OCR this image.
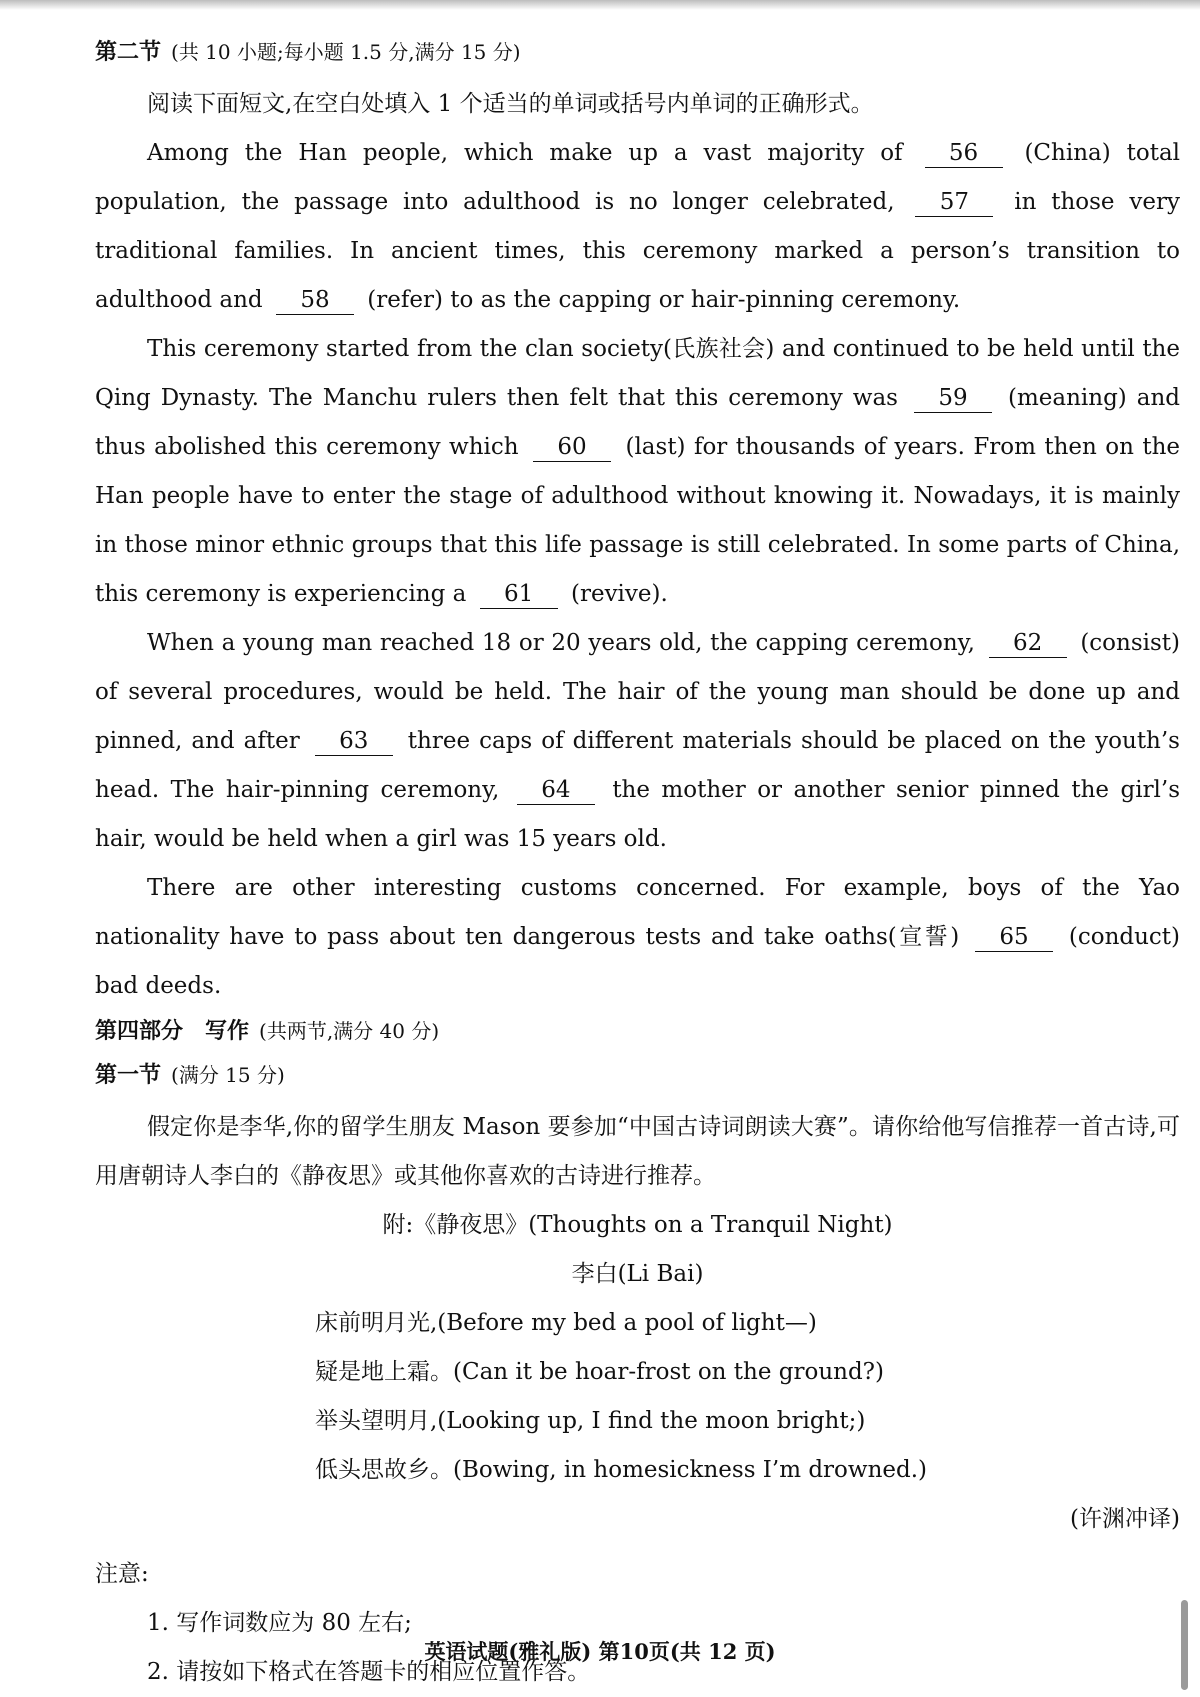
第二节 (共 10 小题;每小题 1.5 分,满分 15 分)

阅读下面短文,在空白处填入 1 个适当的单词或括号内单词的正确形式。

Among the Han people, which make up a vast majority of 56 (China) total population, the passage into adulthood is no longer celebrated, 57 in those very traditional families. In ancient times, this ceremony marked a person’s transition to adulthood and 58 (refer) to as the capping or hair-pinning ceremony.

This ceremony started from the clan society(氏族社会) and continued to be held until the Qing Dynasty. The Manchu rulers then felt that this ceremony was 59 (meaning) and thus abolished this ceremony which 60 (last) for thousands of years. From then on the Han people have to enter the stage of adulthood without knowing it. Nowadays, it is mainly in those minor ethnic groups that this life passage is still celebrated. In some parts of China, this ceremony is experiencing a 61 (revive).

When a young man reached 18 or 20 years old, the capping ceremony, 62 (consist) of several procedures, would be held. The hair of the young man should be done up and pinned, and after 63 three caps of different materials should be placed on the youth’s head. The hair-pinning ceremony, 64 the mother or another senior pinned the girl’s hair, would be held when a girl was 15 years old.

There are other interesting customs concerned. For example, boys of the Yao nationality have to pass about ten dangerous tests and take oaths(宣誓) 65 (conduct) bad deeds.

第四部分　写作 (共两节,满分 40 分)
第一节 (满分 15 分)

假定你是李华,你的留学生朋友 Mason 要参加“中国古诗词朗读大赛”。请你给他写信推荐一首古诗,可用唐朝诗人李白的《静夜思》或其他你喜欢的古诗进行推荐。

附:《静夜思》(Thoughts on a Tranquil Night)
李白(Li Bai)
床前明月光,(Before my bed a pool of light—)
疑是地上霜。(Can it be hoar-frost on the ground?)
举头望明月,(Looking up, I find the moon bright;)
低头思故乡。(Bowing, in homesickness I’m drowned.)
(许渊冲译)
注意:
1. 写作词数应为 80 左右;
2. 请按如下格式在答题卡的相应位置作答。
英语试题(雅礼版) 第10页(共 12 页)
